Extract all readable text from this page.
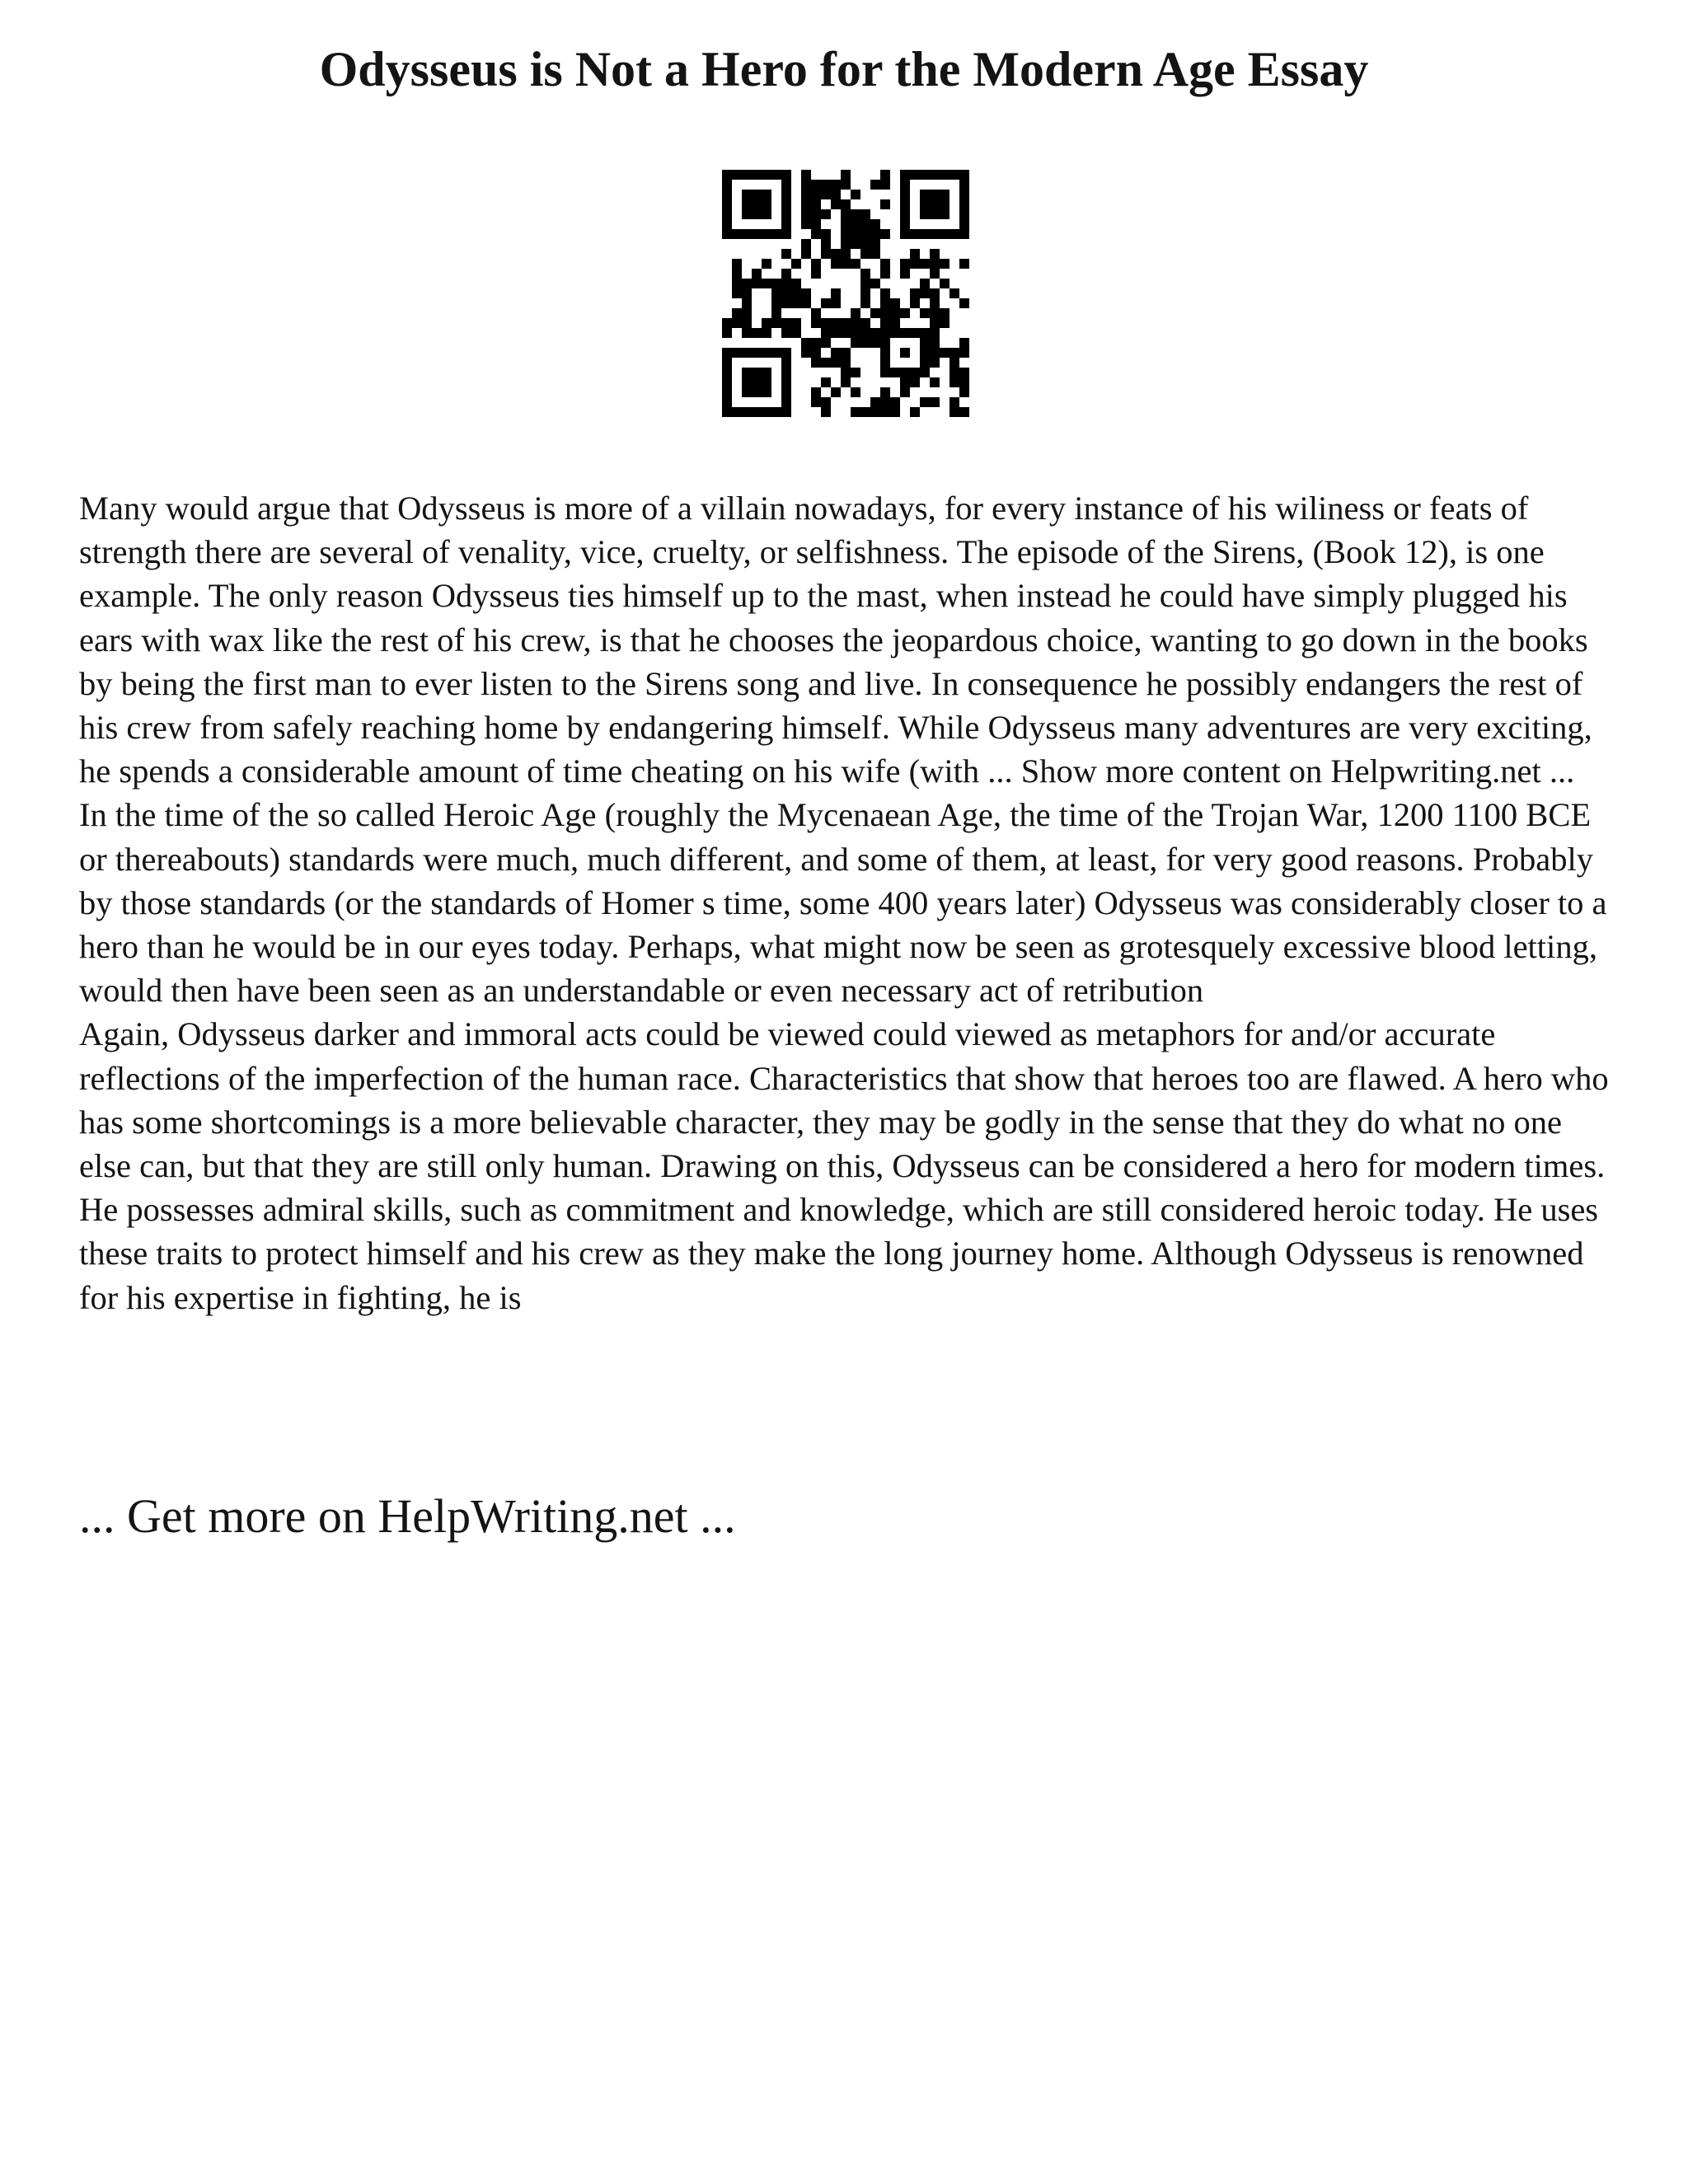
Odysseus is Not a Hero for the Modern Age Essay

Many would argue that Odysseus is more of a villain nowadays, for every instance of his wiliness or feats of strength there are several of venality, vice, cruelty, or selfishness. The episode of the Sirens, (Book 12), is one example. The only reason Odysseus ties himself up to the mast, when instead he could have simply plugged his ears with wax like the rest of his crew, is that he chooses the jeopardous choice, wanting to go down in the books by being the first man to ever listen to the Sirens song and live. In consequence he possibly endangers the rest of his crew from safely reaching home by endangering himself. While Odysseus many adventures are very exciting, he spends a considerable amount of time cheating on his wife (with ... Show more content on Helpwriting.net ...

In the time of the so called Heroic Age (roughly the Mycenaean Age, the time of the Trojan War, 1200 1100 BCE or thereabouts) standards were much, much different, and some of them, at least, for very good reasons. Probably by those standards (or the standards of Homer s time, some 400 years later) Odysseus was considerably closer to a hero than he would be in our eyes today. Perhaps, what might now be seen as grotesquely excessive blood letting, would then have been seen as an understandable or even necessary act of retribution

Again, Odysseus darker and immoral acts could be viewed could viewed as metaphors for and/or accurate reflections of the imperfection of the human race. Characteristics that show that heroes too are flawed. A hero who has some shortcomings is a more believable character, they may be godly in the sense that they do what no one else can, but that they are still only human. Drawing on this, Odysseus can be considered a hero for modern times. He possesses admiral skills, such as commitment and knowledge, which are still considered heroic today. He uses these traits to protect himself and his crew as they make the long journey home. Although Odysseus is renowned for his expertise in fighting, he is

... Get more on HelpWriting.net ...
